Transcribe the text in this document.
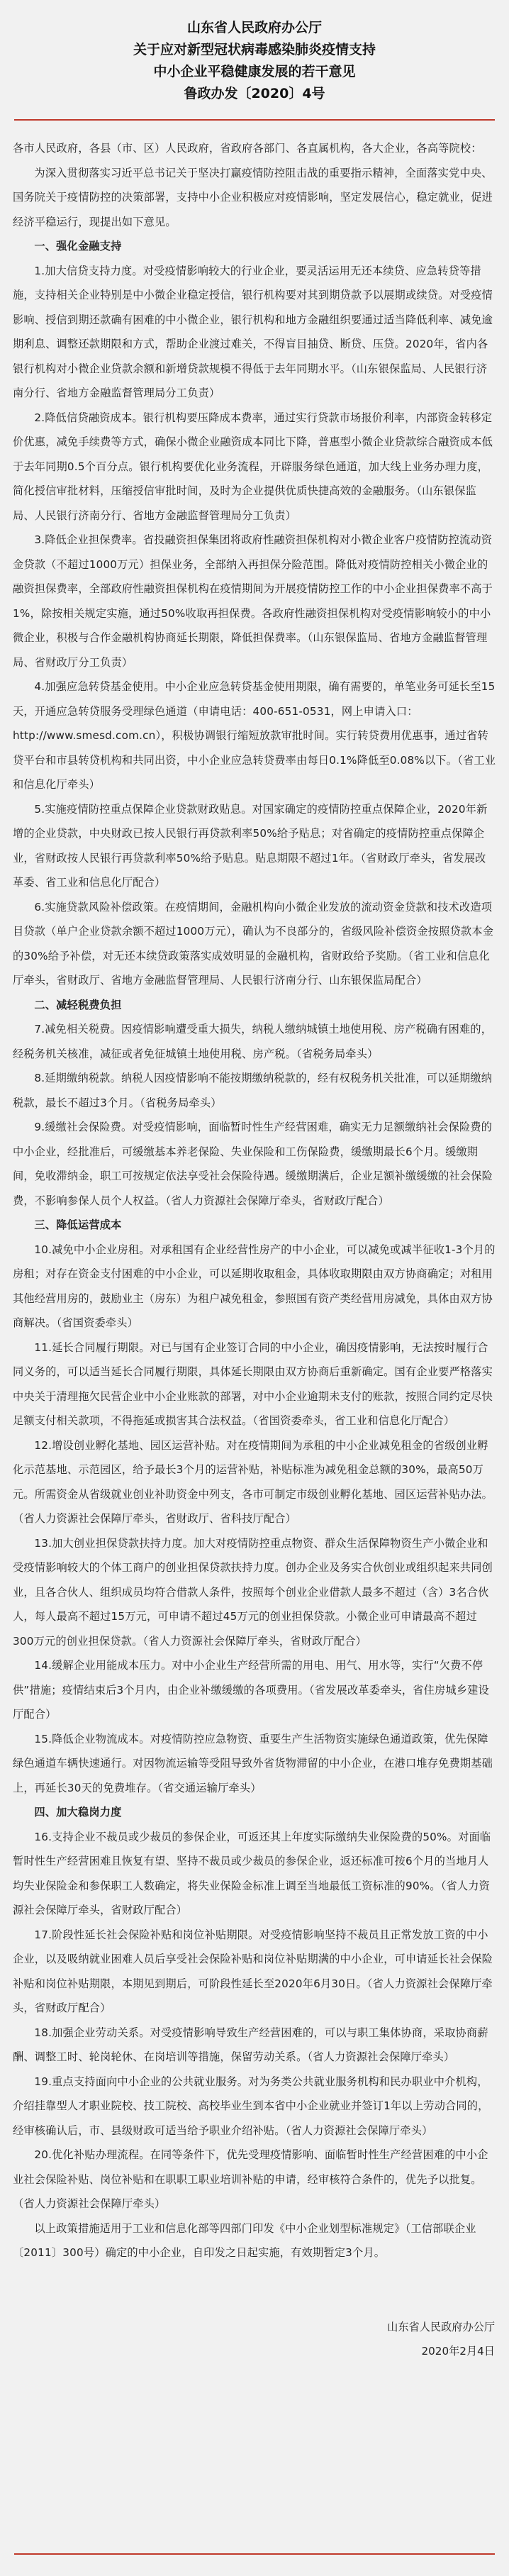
山东省人民政府办公厅

关于应对新型冠状病毒感染肺炎疫情支持

中小企业平稳健康发展的若干意见

鲁政办发〔2020〕4号

各市人民政府，各县（市、区）人民政府，省政府各部门、各直属机构，各大企业，各高等院校：

为深入贯彻落实习近平总书记关于坚决打赢疫情防控阻击战的重要指示精神，全面落实党中央、国务院关于疫情防控的决策部署，支持中小企业积极应对疫情影响，坚定发展信心，稳定就业，促进经济平稳运行，现提出如下意见。

一、强化金融支持

1.加大信贷支持力度。对受疫情影响较大的行业企业，要灵活运用无还本续贷、应急转贷等措施，支持相关企业特别是中小微企业稳定授信，银行机构要对其到期贷款予以展期或续贷。对受疫情影响、授信到期还款确有困难的中小微企业，银行机构和地方金融组织要通过适当降低利率、减免逾期利息、调整还款期限和方式，帮助企业渡过难关，不得盲目抽贷、断贷、压贷。2020年，省内各银行机构对小微企业贷款余额和新增贷款规模不得低于去年同期水平。（山东银保监局、人民银行济南分行、省地方金融监督管理局分工负责）

2.降低信贷融资成本。银行机构要压降成本费率，通过实行贷款市场报价利率，内部资金转移定价优惠，减免手续费等方式，确保小微企业融资成本同比下降，普惠型小微企业贷款综合融资成本低于去年同期0.5个百分点。银行机构要优化业务流程，开辟服务绿色通道，加大线上业务办理力度，简化授信审批材料，压缩授信审批时间，及时为企业提供优质快捷高效的金融服务。（山东银保监局、人民银行济南分行、省地方金融监督管理局分工负责）

3.降低企业担保费率。省投融资担保集团将政府性融资担保机构对小微企业客户疫情防控流动资金贷款（不超过1000万元）担保业务，全部纳入再担保分险范围。降低对疫情防控相关小微企业的融资担保费率，全部政府性融资担保机构在疫情期间为开展疫情防控工作的中小企业担保费率不高于1%，除按相关规定实施，通过50%收取再担保费。各政府性融资担保机构对受疫情影响较小的中小微企业，积极与合作金融机构协商延长期限，降低担保费率。（山东银保监局、省地方金融监督管理局、省财政厅分工负责）

4.加强应急转贷基金使用。中小企业应急转贷基金使用期限，确有需要的，单笔业务可延长至15天，开通应急转贷服务受理绿色通道（申请电话：400-651-0531，网上申请入口：http://www.smesd.com.cn），积极协调银行缩短放款审批时间。实行转贷费用优惠事，通过省转贷平台和市县转贷机构和共同出资，中小企业应急转贷费率由每日0.1%降低至0.08%以下。（省工业和信息化厅牵头）

5.实施疫情防控重点保障企业贷款财政贴息。对国家确定的疫情防控重点保障企业，2020年新增的企业贷款，中央财政已按人民银行再贷款利率50%给予贴息；对省确定的疫情防控重点保障企业，省财政按人民银行再贷款利率50%给予贴息。贴息期限不超过1年。（省财政厅牵头，省发展改革委、省工业和信息化厅配合）

6.实施贷款风险补偿政策。在疫情期间，金融机构向小微企业发放的流动资金贷款和技术改造项目贷款（单户企业贷款余额不超过1000万元），确认为不良部分的，省级风险补偿资金按照贷款本金的30%给予补偿，对无还本续贷政策落实成效明显的金融机构，省财政给予奖励。（省工业和信息化厅牵头，省财政厅、省地方金融监督管理局、人民银行济南分行、山东银保监局配合）

二、减轻税费负担

7.减免相关税费。因疫情影响遭受重大损失，纳税人缴纳城镇土地使用税、房产税确有困难的，经税务机关核准，减征或者免征城镇土地使用税、房产税。（省税务局牵头）

8.延期缴纳税款。纳税人因疫情影响不能按期缴纳税款的，经有权税务机关批准，可以延期缴纳税款，最长不超过3个月。（省税务局牵头）

9.缓缴社会保险费。对受疫情影响，面临暂时性生产经营困难，确实无力足额缴纳社会保险费的中小企业，经批准后，可缓缴基本养老保险、失业保险和工伤保险费，缓缴期最长6个月。缓缴期间，免收滞纳金，职工可按规定依法享受社会保险待遇。缓缴期满后，企业足额补缴缓缴的社会保险费，不影响参保人员个人权益。（省人力资源社会保障厅牵头，省财政厅配合）

三、降低运营成本

10.减免中小企业房租。对承租国有企业经营性房产的中小企业，可以减免或减半征收1-3个月的房租；对存在资金支付困难的中小企业，可以延期收取租金，具体收取期限由双方协商确定；对租用其他经营用房的，鼓励业主（房东）为租户减免租金，参照国有资产类经营用房减免，具体由双方协商解决。（省国资委牵头）

11.延长合同履行期限。对已与国有企业签订合同的中小企业，确因疫情影响，无法按时履行合同义务的，可以适当延长合同履行期限，具体延长期限由双方协商后重新确定。国有企业要严格落实中央关于清理拖欠民营企业中小企业账款的部署，对中小企业逾期未支付的账款，按照合同约定尽快足额支付相关款项，不得拖延或损害其合法权益。（省国资委牵头，省工业和信息化厅配合）

12.增设创业孵化基地、园区运营补贴。对在疫情期间为承租的中小企业减免租金的省级创业孵化示范基地、示范园区，给予最长3个月的运营补贴，补贴标准为减免租金总额的30%，最高50万元。所需资金从省级就业创业补助资金中列支，各市可制定市级创业孵化基地、园区运营补贴办法。（省人力资源社会保障厅牵头，省财政厅、省科技厅配合）

13.加大创业担保贷款扶持力度。加大对疫情防控重点物资、群众生活保障物资生产小微企业和受疫情影响较大的个体工商户的创业担保贷款扶持力度。创办企业及务实合伙创业或组织起来共同创业，且各合伙人、组织成员均符合借款人条件，按照每个创业企业借款人最多不超过（含）3名合伙人，每人最高不超过15万元，可申请不超过45万元的创业担保贷款。小微企业可申请最高不超过300万元的创业担保贷款。（省人力资源社会保障厅牵头，省财政厅配合）

14.缓解企业用能成本压力。对中小企业生产经营所需的用电、用气、用水等，实行“欠费不停供”措施；疫情结束后3个月内，由企业补缴缓缴的各项费用。（省发展改革委牵头，省住房城乡建设厅配合）

15.降低企业物流成本。对疫情防控应急物资、重要生产生活物资实施绿色通道政策，优先保障绿色通道车辆快速通行。对因物流运输等受阻导致外省货物滞留的中小企业，在港口堆存免费期基础上，再延长30天的免费堆存。（省交通运输厅牵头）

四、加大稳岗力度

16.支持企业不裁员或少裁员的参保企业，可返还其上年度实际缴纳失业保险费的50%。对面临暂时性生产经营困难且恢复有望、坚持不裁员或少裁员的参保企业，返还标准可按6个月的当地月人均失业保险金和参保职工人数确定，将失业保险金标准上调至当地最低工资标准的90%。（省人力资源社会保障厅牵头，省财政厅配合）

17.阶段性延长社会保险补贴和岗位补贴期限。对受疫情影响坚持不裁员且正常发放工资的中小企业，以及吸纳就业困难人员后享受社会保险补贴和岗位补贴期满的中小企业，可申请延长社会保险补贴和岗位补贴期限，本期见到期后，可阶段性延长至2020年6月30日。（省人力资源社会保障厅牵头，省财政厅配合）

18.加强企业劳动关系。对受疫情影响导致生产经营困难的，可以与职工集体协商，采取协商薪酬、调整工时、轮岗轮休、在岗培训等措施，保留劳动关系。（省人力资源社会保障厅牵头）

19.重点支持面向中小企业的公共就业服务。对为务类公共就业服务机构和民办职业中介机构，介绍挂靠型人才职业院校、技工院校、高校毕业生到本省中小企业就业并签订1年以上劳动合同的，经审核确认后，市、县级财政可适当给予职业介绍补贴。（省人力资源社会保障厅牵头）

20.优化补贴办理流程。在同等条件下，优先受理疫情影响、面临暂时性生产经营困难的中小企业社会保险补贴、岗位补贴和在职职工职业培训补贴的申请，经审核符合条件的，优先予以批复。（省人力资源社会保障厅牵头）

以上政策措施适用于工业和信息化部等四部门印发《中小企业划型标准规定》（工信部联企业〔2011〕300号）确定的中小企业，自印发之日起实施，有效期暂定3个月。

山东省人民政府办公厅
2020年2月4日
